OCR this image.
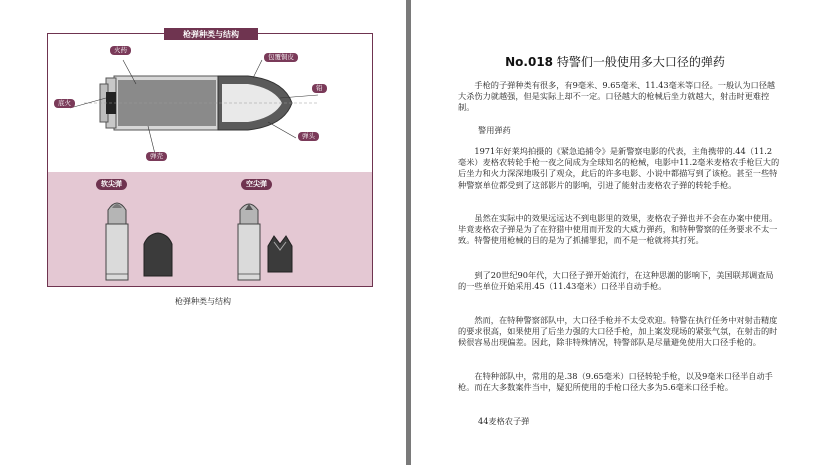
枪弹种类与结构
火药
包覆铜皮
铅
底火
弹头
弹壳
软尖弹	空尖弹
枪弹种类与结构
No.018 特警们一般使用多大口径的弹药

手枪的子弹种类有很多，有9毫米、9.65毫米、11.43毫米等口径。一般认为口径越大杀伤力就越强，但是实际上却不一定。口径越大的枪械后坐力就越大，射击时更难控制。

警用弹药

1971年好莱坞拍摄的《紧急追捕令》是新警察电影的代表，主角携带的.44（11.2毫米）麦格农转轮手枪一夜之间成为全球知名的枪械，电影中11.2毫米麦格农手枪巨大的后坐力和火力深深地吸引了观众，此后的许多电影、小说中都描写到了该枪。甚至一些特种警察单位都受到了这部影片的影响，引进了能射击麦格农子弹的转轮手枪。

虽然在实际中的效果远远达不到电影里的效果，麦格农子弹也并不会在办案中使用。毕竟麦格农子弹是为了在狩猎中使用而开发的大威力弹药，和特种警察的任务要求不太一致。特警使用枪械的目的是为了抓捕罪犯，而不是一枪就将其打死。

到了20世纪90年代，大口径子弹开始流行，在这种思潮的影响下，美国联邦调查局的一些单位开始采用.45（11.43毫米）口径半自动手枪。

然而，在特种警察部队中，大口径手枪并不太受欢迎。特警在执行任务中对射击精度的要求很高，如果使用了后坐力强的大口径手枪，加上案发现场的紧张气氛，在射击的时候很容易出现偏差。因此，除非特殊情况，特警部队是尽量避免使用大口径手枪的。

在特种部队中，常用的是.38（9.65毫米）口径转轮手枪，以及9毫米口径半自动手枪。而在大多数案件当中，疑犯所使用的手枪口径大多为5.6毫米口径手枪。

44麦格农子弹
